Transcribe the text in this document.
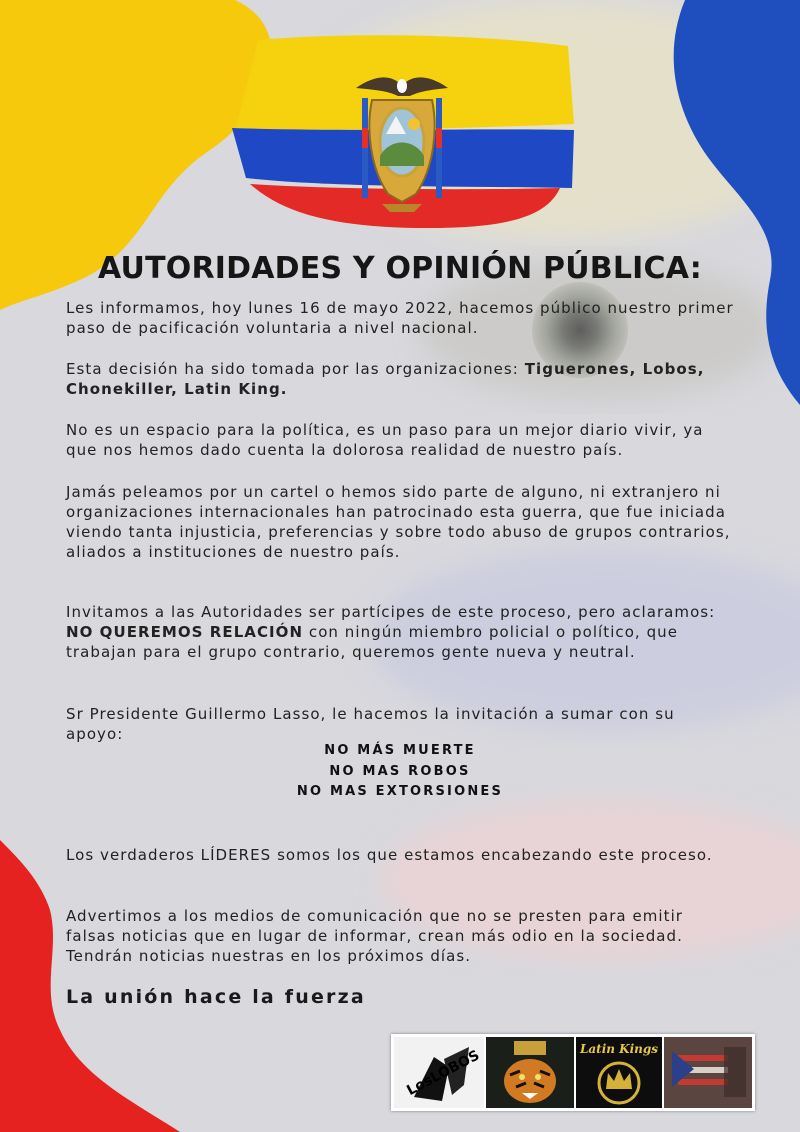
AUTORIDADES Y OPINIÓN PÚBLICA:

Les informamos, hoy lunes 16 de mayo 2022, hacemos público nuestro primer paso de pacificación voluntaria a nivel nacional.

Esta decisión ha sido tomada por las organizaciones: Tiguerones, Lobos, Chonekiller, Latin King.

No es un espacio para la política, es un paso para un mejor diario vivir, ya que nos hemos dado cuenta la dolorosa realidad de nuestro país.

Jamás peleamos por un cartel o hemos sido parte de alguno, ni extranjero ni organizaciones internacionales han patrocinado esta guerra, que fue iniciada viendo tanta injusticia, preferencias y sobre todo abuso de grupos contrarios, aliados a instituciones de nuestro país.

Invitamos a las Autoridades ser partícipes de este proceso, pero aclaramos: NO QUEREMOS RELACIÓN con ningún miembro policial o político, que trabajan para el grupo contrario, queremos gente nueva y neutral.

Sr Presidente Guillermo Lasso, le hacemos la invitación a sumar con su apoyo:

NO MÁS MUERTE
NO MAS ROBOS
NO MAS EXTORSIONES

Los verdaderos LÍDERES somos los que estamos encabezando este proceso.

Advertimos a los medios de comunicación que no se presten para emitir falsas noticias que en lugar de informar, crean más odio en la sociedad. Tendrán noticias nuestras en los próximos días.

La unión hace la fuerza
LosLOBOS	Latin Kings
